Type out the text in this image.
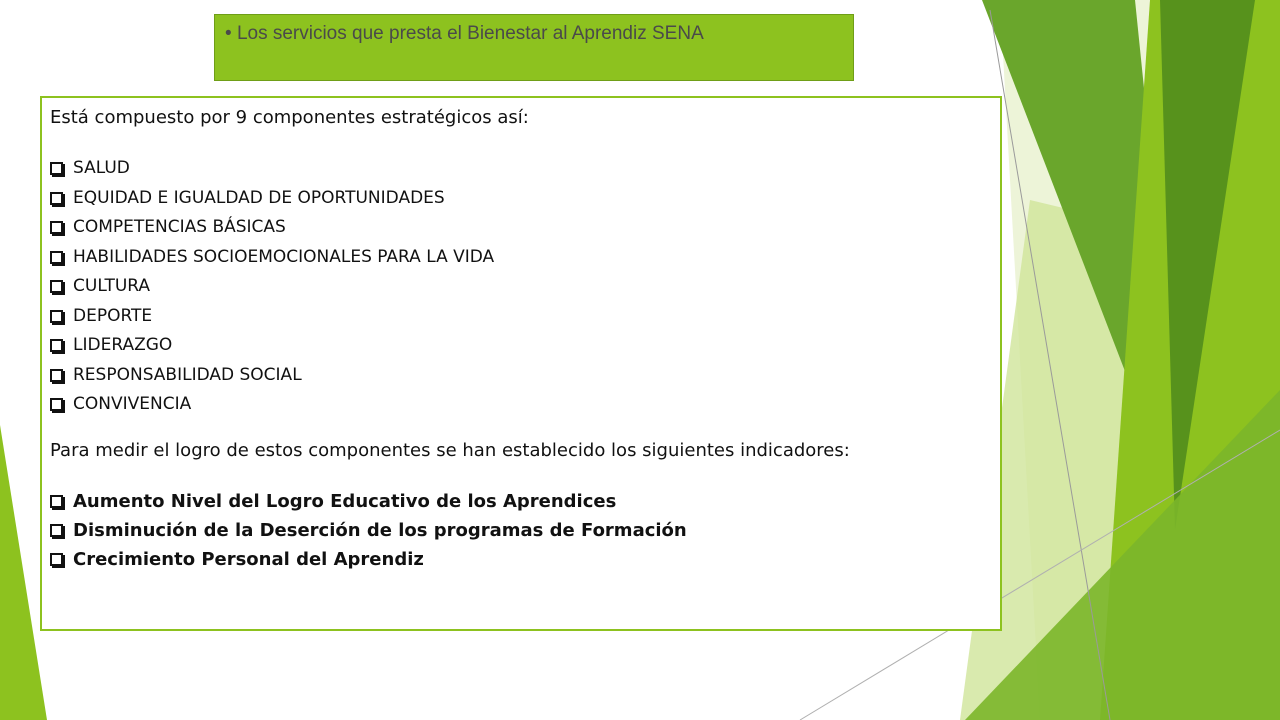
• Los servicios que presta el Bienestar al Aprendiz SENA

Está compuesto por 9 componentes estratégicos así:

SALUD
EQUIDAD E IGUALDAD DE OPORTUNIDADES
COMPETENCIAS BÁSICAS
HABILIDADES SOCIOEMOCIONALES PARA LA VIDA
CULTURA
DEPORTE
LIDERAZGO
RESPONSABILIDAD SOCIAL
CONVIVENCIA

Para medir el logro de estos componentes se han establecido los siguientes indicadores:

Aumento Nivel del Logro Educativo de los Aprendices
Disminución de la Deserción de los programas de Formación
Crecimiento Personal del Aprendiz
